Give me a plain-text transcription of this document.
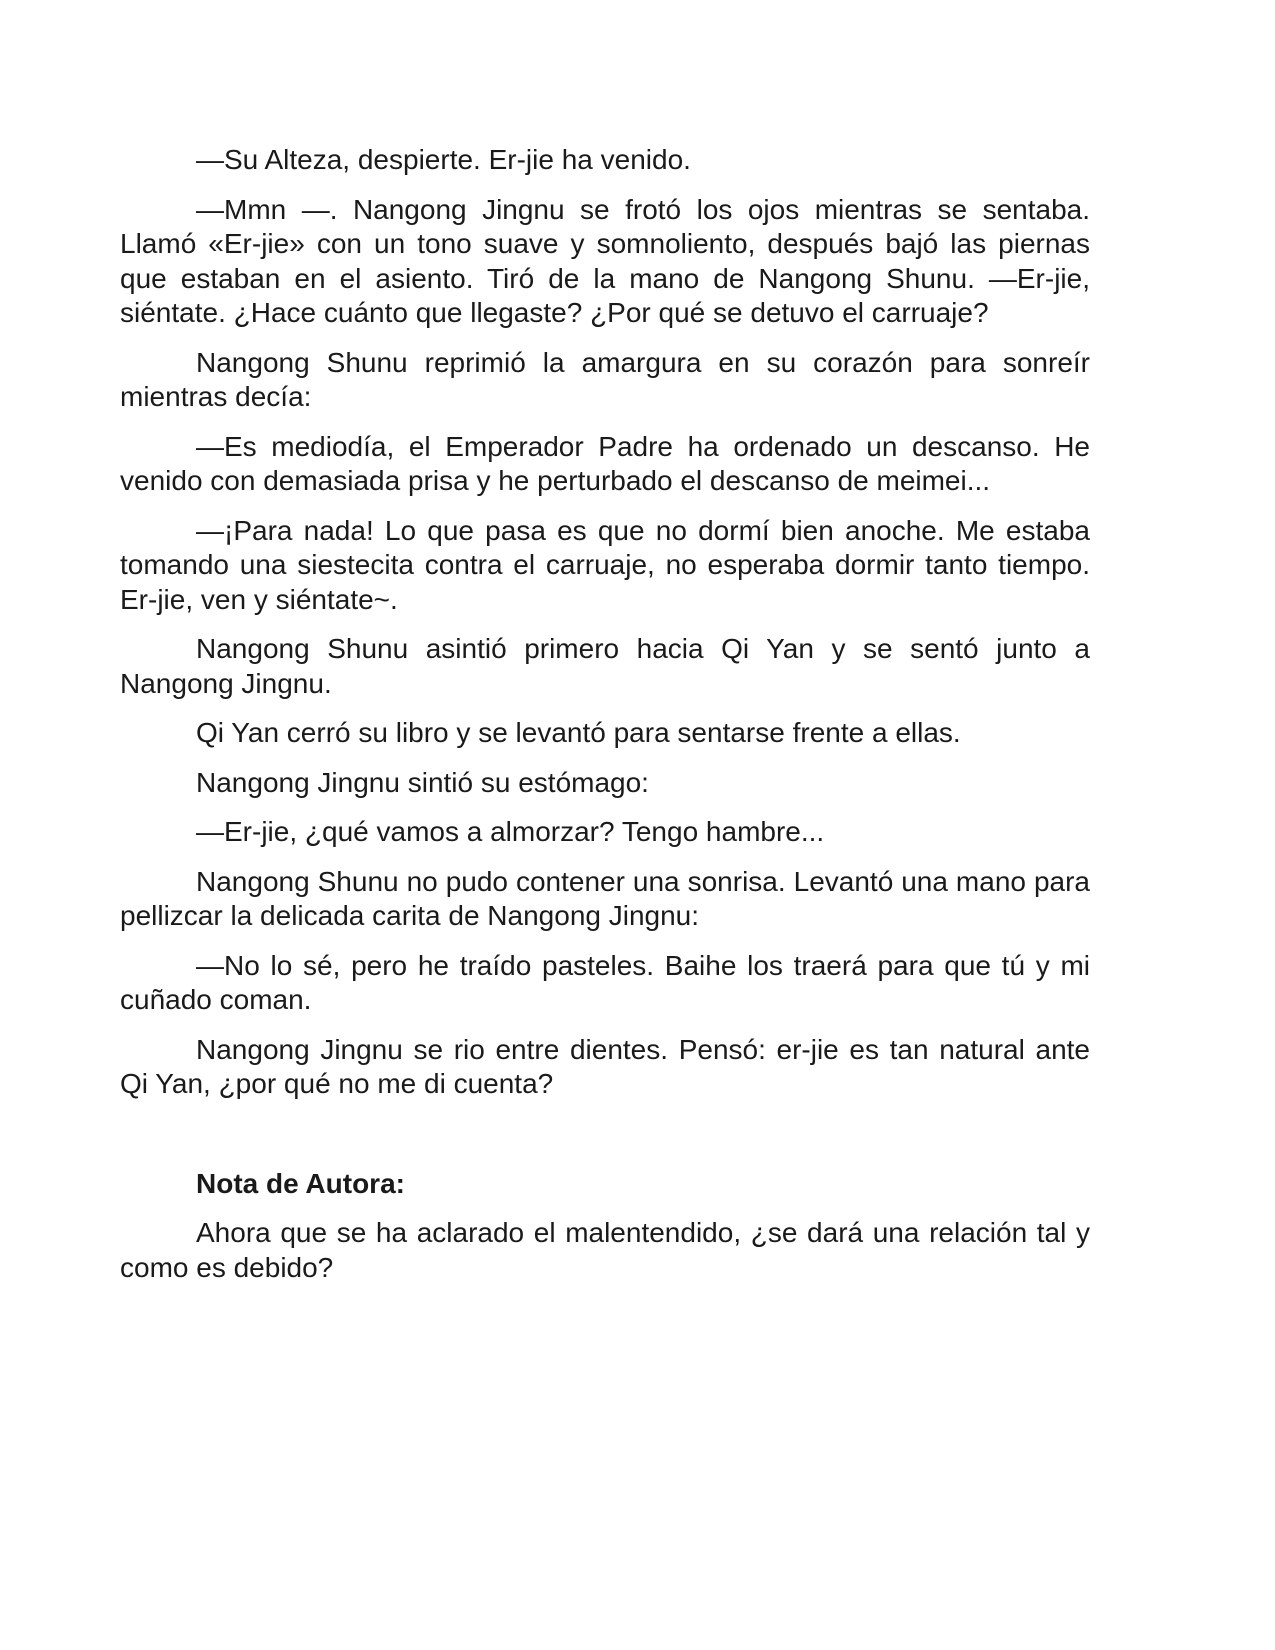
—Su Alteza, despierte. Er-jie ha venido.

—Mmn —. Nangong Jingnu se frotó los ojos mientras se sentaba. Llamó «Er-jie» con un tono suave y somnoliento, después bajó las piernas que estaban en el asiento. Tiró de la mano de Nangong Shunu. —Er-jie, siéntate. ¿Hace cuánto que llegaste? ¿Por qué se detuvo el carruaje?

Nangong Shunu reprimió la amargura en su corazón para sonreír mientras decía:

—Es mediodía, el Emperador Padre ha ordenado un descanso. He venido con demasiada prisa y he perturbado el descanso de meimei...

—¡Para nada! Lo que pasa es que no dormí bien anoche. Me estaba tomando una siestecita contra el carruaje, no esperaba dormir tanto tiempo. Er-jie, ven y siéntate~.

Nangong Shunu asintió primero hacia Qi Yan y se sentó junto a Nangong Jingnu.

Qi Yan cerró su libro y se levantó para sentarse frente a ellas.

Nangong Jingnu sintió su estómago:

—Er-jie, ¿qué vamos a almorzar? Tengo hambre...

Nangong Shunu no pudo contener una sonrisa. Levantó una mano para pellizcar la delicada carita de Nangong Jingnu:

—No lo sé, pero he traído pasteles. Baihe los traerá para que tú y mi cuñado coman.

Nangong Jingnu se rio entre dientes. Pensó: er-jie es tan natural ante Qi Yan, ¿por qué no me di cuenta?

Nota de Autora:

Ahora que se ha aclarado el malentendido, ¿se dará una relación tal y como es debido?
